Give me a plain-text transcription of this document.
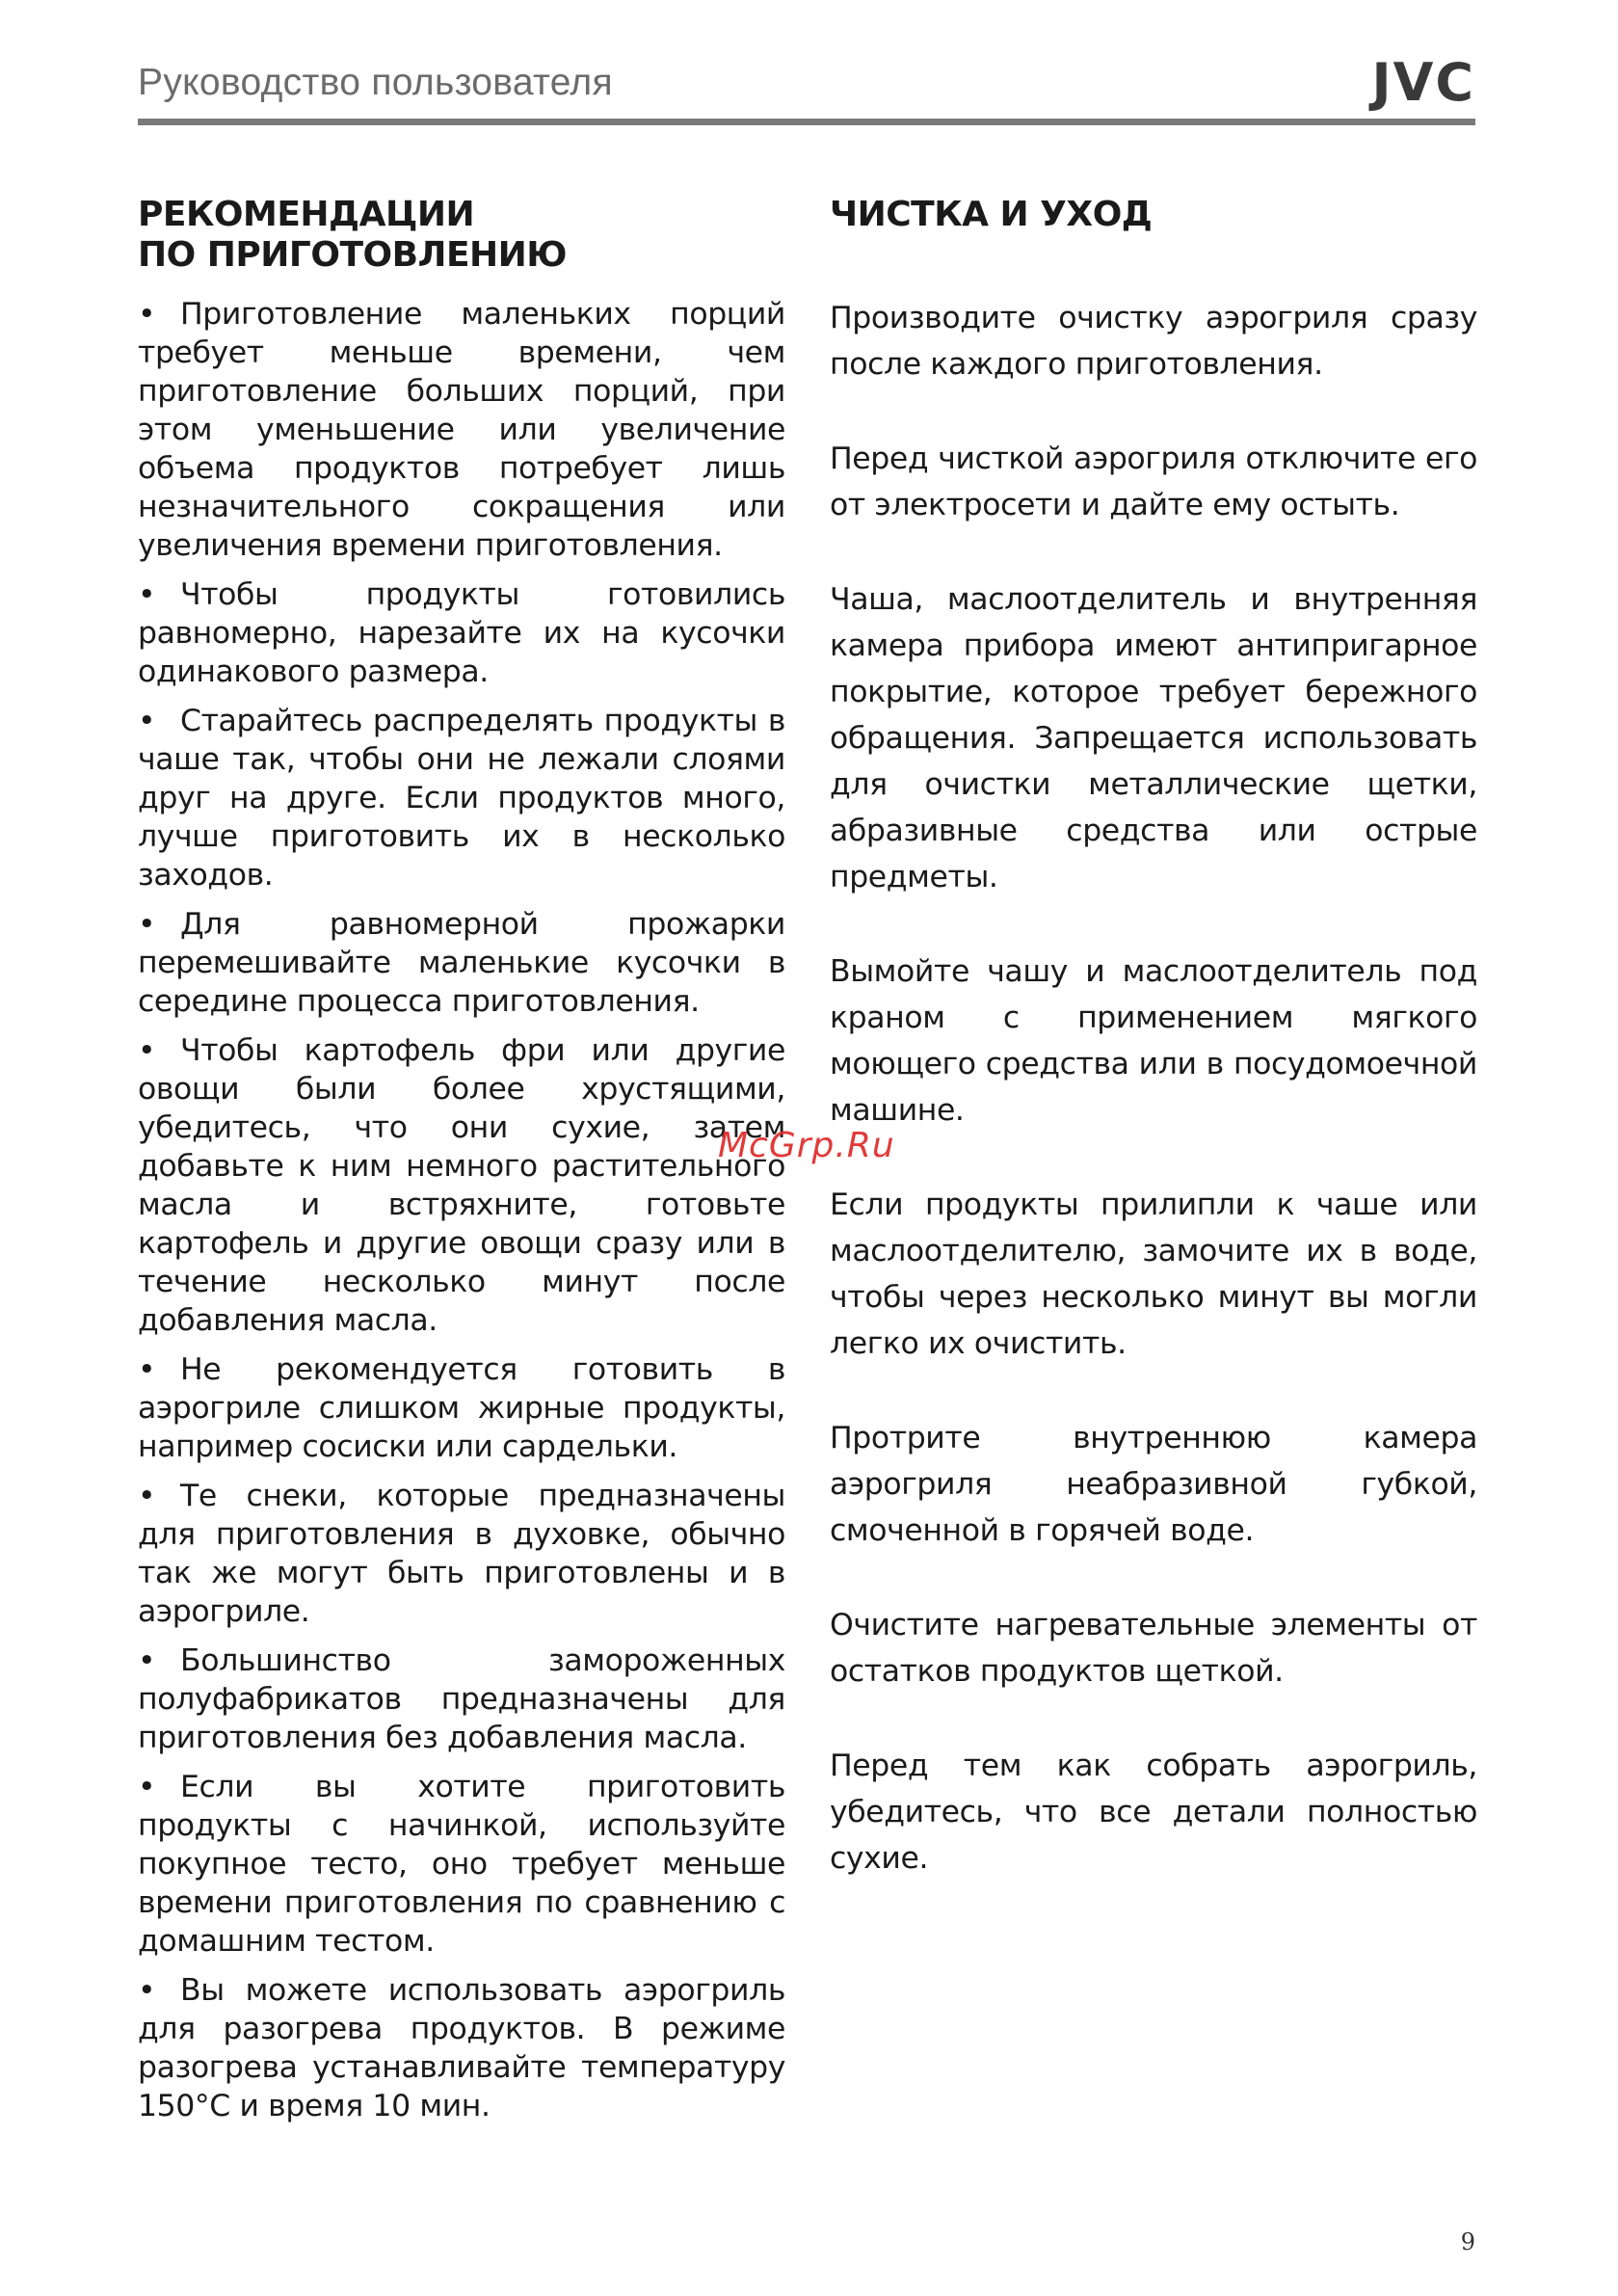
Руководство пользователя	JVC
РЕКОМЕНДАЦИИ
ПО ПРИГОТОВЛЕНИЮ
• Приготовление маленьких порций требует меньше времени, чем приготовление больших порций, при этом уменьшение или увеличение объема продуктов потребует лишь незначительного сокращения или увеличения времени приготовления.
• Чтобы продукты готовились равномерно, нарезайте их на кусочки одинакового размера.
• Старайтесь распределять продукты в чаше так, чтобы они не лежали слоями друг на друге. Если продуктов много, лучше приготовить их в несколько заходов.
• Для равномерной прожарки перемешивайте маленькие кусочки в середине процесса приготовления.
• Чтобы картофель фри или другие овощи были более хрустящими, убедитесь, что они сухие, затем добавьте к ним немного растительного масла и встряхните, готовьте картофель и другие овощи сразу или в течение несколько минут после добавления масла.
• Не рекомендуется готовить в аэрогриле слишком жирные продукты, например сосиски или сардельки.
• Те снеки, которые предназначены для приготовления в духовке, обычно так же могут быть приготовлены и в аэрогриле.
• Большинство замороженных полуфабрикатов предназначены для приготовления без добавления масла.
• Если вы хотите приготовить продукты с начинкой, используйте покупное тесто, оно требует меньше времени приготовления по сравнению с домашним тестом.
• Вы можете использовать аэрогриль для разогрева продуктов. В режиме разогрева устанавливайте температуру 150°С и время 10 мин.
ЧИСТКА И УХОД

Производите очистку аэрогриля сразу после каждого приготовления.

Перед чисткой аэрогриля отключите его от электросети и дайте ему остыть.

Чаша, маслоотделитель и внутренняя камера прибора имеют антипригарное покрытие, которое требует бережного обращения. Запрещается использовать для очистки металлические щетки, абразивные средства или острые предметы.

Вымойте чашу и маслоотделитель под краном с применением мягкого моющего средства или в посудомоечной машине.

Если продукты прилипли к чаше или маслоотделителю, замочите их в воде, чтобы через несколько минут вы могли легко их очистить.

Протрите внутреннюю камера аэрогриля неабразивной губкой, смоченной в горячей воде.

Очистите нагревательные элементы от остатков продуктов щеткой.

Перед тем как собрать аэрогриль, убедитесь, что все детали полностью сухие.

McGrp.Ru
9
